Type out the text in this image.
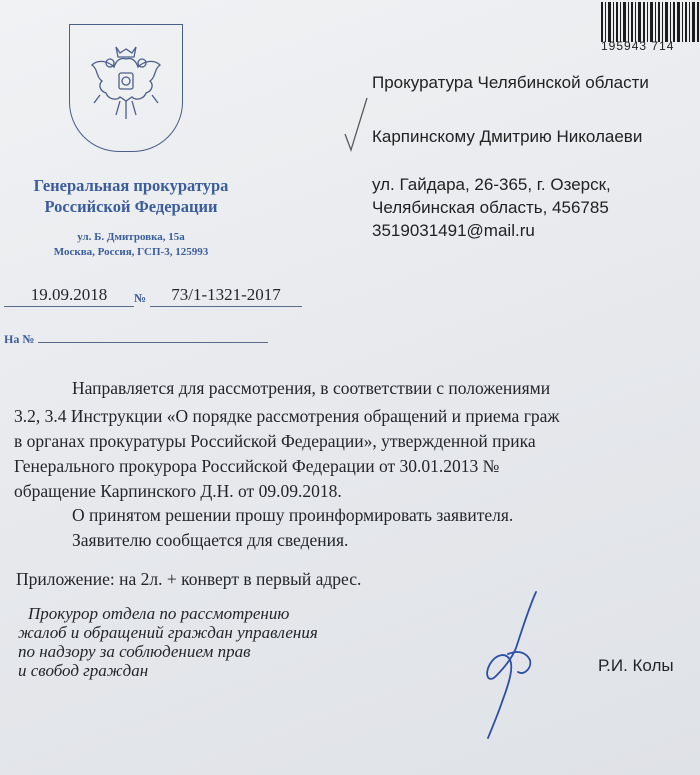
Генеральная прокуратура
Российской Федерации
ул. Б. Дмитровка, 15а
Москва, Россия, ГСП-3, 125993
19.09.2018	№	73/1-1321-2017
На №
195943 714
Прокуратура Челябинской области
Карпинскому Дмитрию Николаеви
ул. Гайдара, 26-365, г. Озерск,
Челябинская область, 456785
3519031491@mail.ru
Направляется для рассмотрения, в соответствии с положениями
3.2, 3.4 Инструкции «О порядке рассмотрения обращений и приема граж
в органах прокуратуры Российской Федерации», утвержденной прика
Генерального прокурора Российской Федерации от 30.01.2013 №
обращение Карпинского Д.Н. от 09.09.2018.
О принятом решении прошу проинформировать заявителя.
Заявителю сообщается для сведения.
Приложение: на 2л. + конверт в первый адрес.
Прокурор отдела по рассмотрению
жалоб и обращений граждан управления
по надзору за соблюдением прав
и свобод граждан	Р.И. Колы
